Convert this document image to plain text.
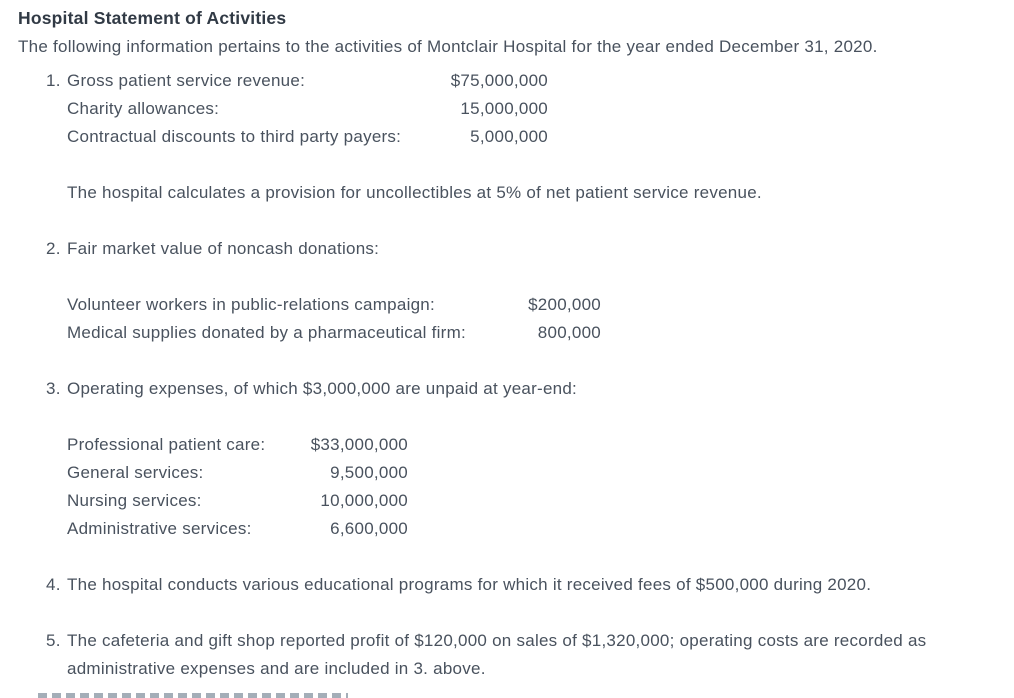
Hospital Statement of Activities

The following information pertains to the activities of Montclair Hospital for the year ended December 31, 2020.

1. Gross patient service revenue:	$75,000,000
Charity allowances:	15,000,000
Contractual discounts to third party payers:	5,000,000
The hospital calculates a provision for uncollectibles at 5% of net patient service revenue.
2. Fair market value of noncash donations:
Volunteer workers in public-relations campaign:	$200,000
Medical supplies donated by a pharmaceutical firm:	800,000
3. Operating expenses, of which $3,000,000 are unpaid at year-end:
Professional patient care:	$33,000,000
General services:	9,500,000
Nursing services:	10,000,000
Administrative services:	6,600,000
4. The hospital conducts various educational programs for which it received fees of $500,000 during 2020.
5. The cafeteria and gift shop reported profit of $120,000 on sales of $1,320,000; operating costs are recorded as administrative expenses and are included in 3. above.
